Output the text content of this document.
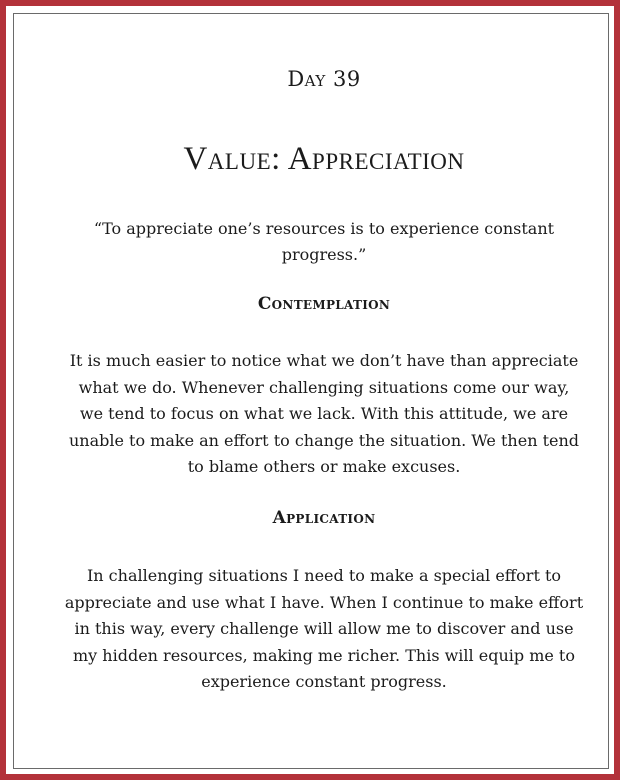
Day 39
Value: Appreciation
“To appreciate one’s resources is to experience constant
progress.”
Contemplation
It is much easier to notice what we don’t have than appreciate
what we do. Whenever challenging situations come our way,
we tend to focus on what we lack. With this attitude, we are
unable to make an effort to change the situation. We then tend
to blame others or make excuses.
Application
In challenging situations I need to make a special effort to
appreciate and use what I have. When I continue to make effort
in this way, every challenge will allow me to discover and use
my hidden resources, making me richer. This will equip me to
experience constant progress.
